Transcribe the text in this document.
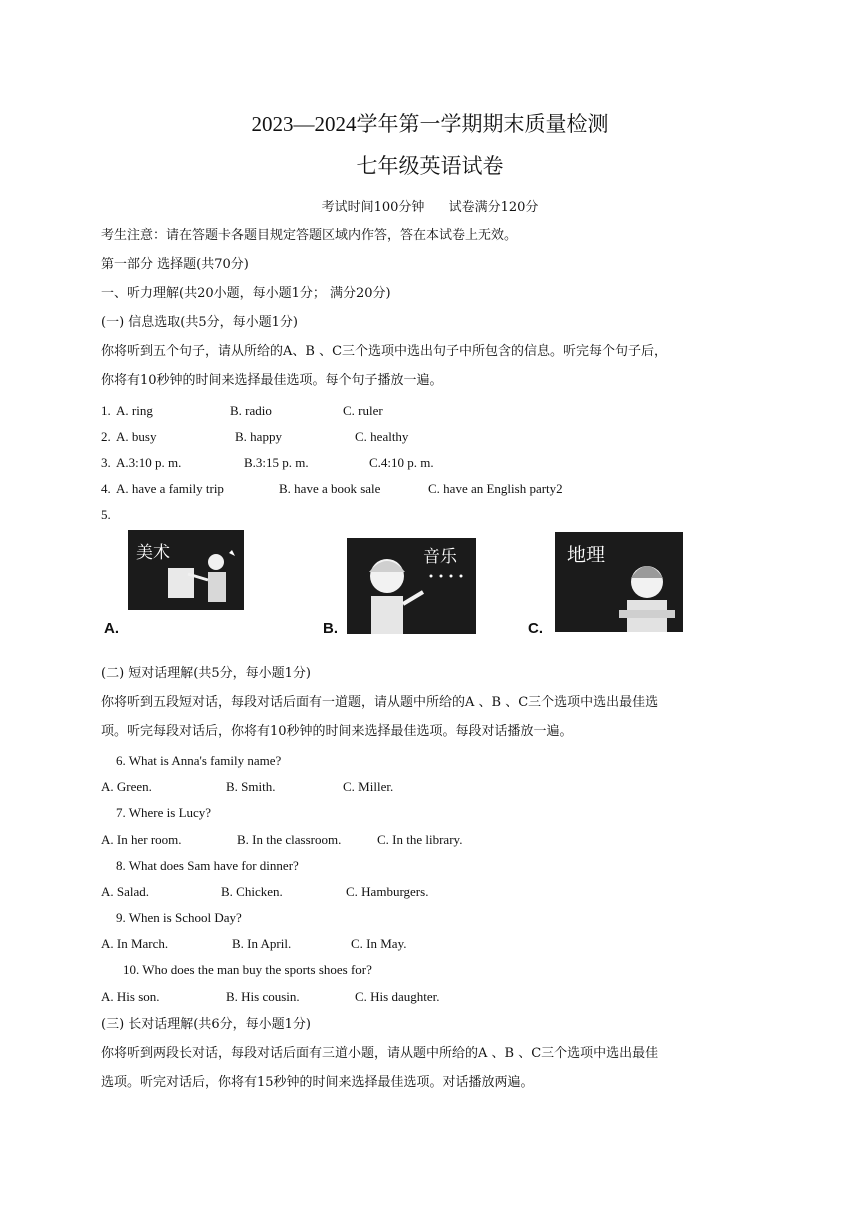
2023—2024学年第一学期期末质量检测
七年级英语试卷
考试时间100分钟 试卷满分120分
考生注意：请在答题卡各题目规定答题区域内作答，答在本试卷上无效。
第一部分 选择题(共70分)
一、听力理解(共20小题，每小题1分； 满分20分)
(一) 信息选取(共5分，每小题1分)
你将听到五个句子，请从所给的A、B 、C三个选项中选出句子中所包含的信息。听完每个句子后，
你将有10秒钟的时间来选择最佳选项。每个句子播放一遍。
1. A. ring	B. radio	C. ruler
2. A. busy	B. happy	C. healthy
3. A.3:10 p. m.	B.3:15 p. m.	C.4:10 p. m.
4. A. have a family trip	B. have a book sale	C. have an English party2
5.
美术
A.
音乐
B.
地理
C.
(二) 短对话理解(共5分，每小题1分)
你将听到五段短对话，每段对话后面有一道题，请从题中所给的A 、B 、C三个选项中选出最佳选
项。听完每段对话后，你将有10秒钟的时间来选择最佳选项。每段对话播放一遍。
6. What is Anna's family name?
A. Green.	B. Smith.	C. Miller.
7. Where is Lucy?
A. In her room.	B. In the classroom.	C. In the library.
8. What does Sam have for dinner?
A. Salad.	B. Chicken.	C. Hamburgers.
9. When is School Day?
A. In March.	B. In April.	C. In May.
10. Who does the man buy the sports shoes for?
A. His son.	B. His cousin.	C. His daughter.
(三) 长对话理解(共6分，每小题1分)
你将听到两段长对话，每段对话后面有三道小题，请从题中所给的A 、B 、C三个选项中选出最佳
选项。听完对话后，你将有15秒钟的时间来选择最佳选项。对话播放两遍。
